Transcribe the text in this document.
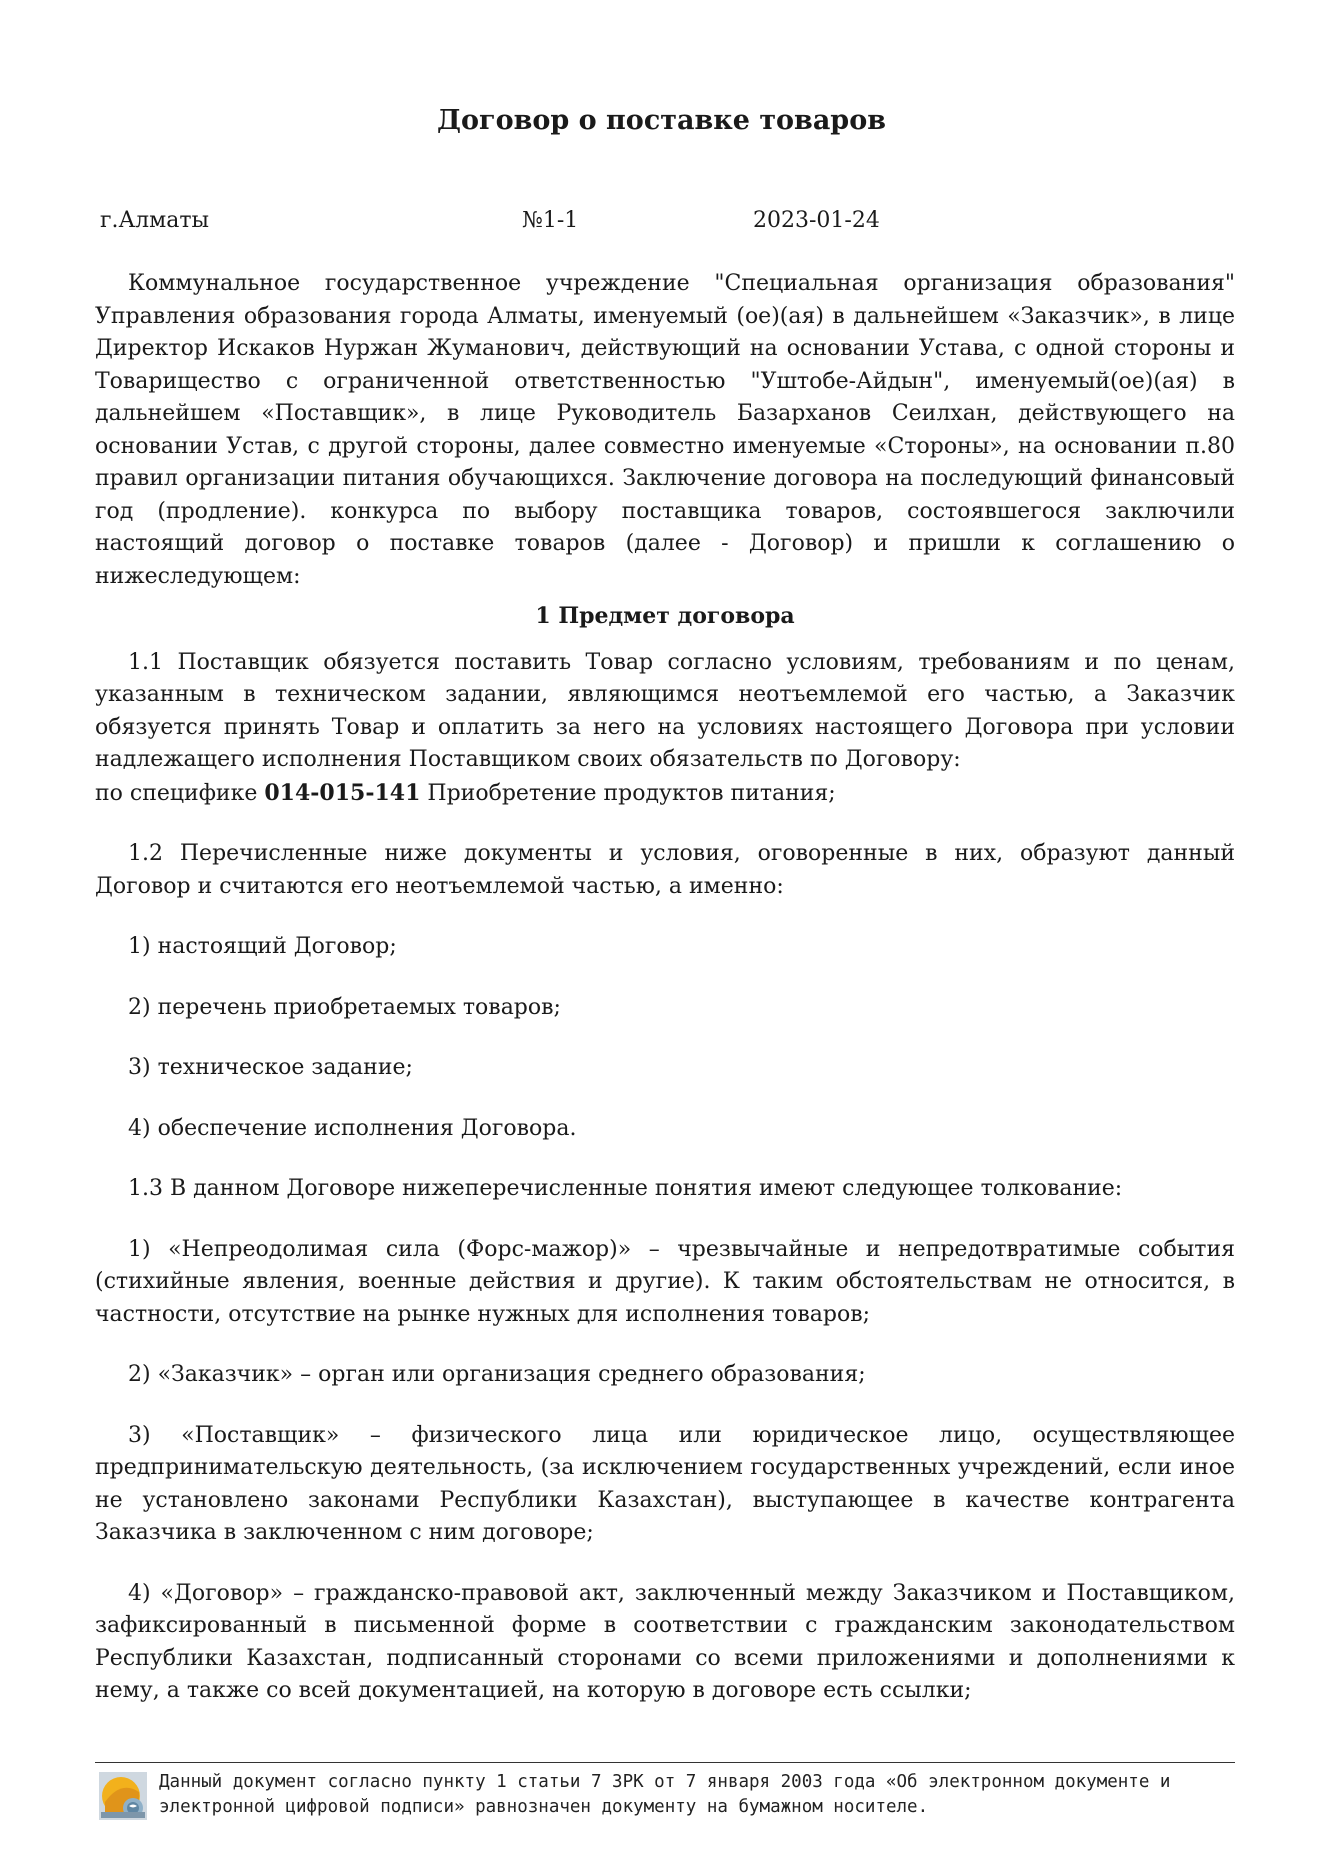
Договор о поставке товаров
г.Алматы	№1-1	2023-01-24

Коммунальное государственное учреждение "Специальная организация образования" Управления образования города Алматы, именуемый (ое)(ая) в дальнейшем «Заказчик», в лице Директор Искаков Нуржан Жуманович, действующий на основании Устава, с одной стороны и Товарищество с ограниченной ответственностью "Уштобе-Айдын", именуемый(ое)(ая) в дальнейшем «Поставщик», в лице Руководитель Базарханов Сеилхан, действующего на основании Устав, с другой стороны, далее совместно именуемые «Стороны», на основании п.80 правил организации питания обучающихся. Заключение договора на последующий финансовый год (продление). конкурса по выбору поставщика товаров, состоявшегося заключили настоящий договор о поставке товаров (далее - Договор) и пришли к соглашению о нижеследующем:

1 Предмет договора

1.1 Поставщик обязуется поставить Товар согласно условиям, требованиям и по ценам, указанным в техническом задании, являющимся неотъемлемой его частью, а Заказчик обязуется принять Товар и оплатить за него на условиях настоящего Договора при условии надлежащего исполнения Поставщиком своих обязательств по Договору:

по специфике 014-015-141 Приобретение продуктов питания;

1.2 Перечисленные ниже документы и условия, оговоренные в них, образуют данный Договор и считаются его неотъемлемой частью, а именно:

1) настоящий Договор;

2) перечень приобретаемых товаров;

3) техническое задание;

4) обеспечение исполнения Договора.

1.3 В данном Договоре нижеперечисленные понятия имеют следующее толкование:

1) «Непреодолимая сила (Форс-мажор)» – чрезвычайные и непредотвратимые события (стихийные явления, военные действия и другие). К таким обстоятельствам не относится, в частности, отсутствие на рынке нужных для исполнения товаров;

2) «Заказчик» – орган или организация среднего образования;

3) «Поставщик» – физического лица или юридическое лицо, осуществляющее предпринимательскую деятельность, (за исключением государственных учреждений, если иное не установлено законами Республики Казахстан), выступающее в качестве контрагента Заказчика в заключенном с ним договоре;

4) «Договор» – гражданско-правовой акт, заключенный между Заказчиком и Поставщиком, зафиксированный в письменной форме в соответствии с гражданским законодательством Республики Казахстан, подписанный сторонами со всеми приложениями и дополнениями к нему, а также со всей документацией, на которую в договоре есть ссылки;

Данный документ согласно пункту 1 статьи 7 ЗРК от 7 января 2003 года «Об электронном документе и
электронной цифровой подписи» равнозначен документу на бумажном носителе.
